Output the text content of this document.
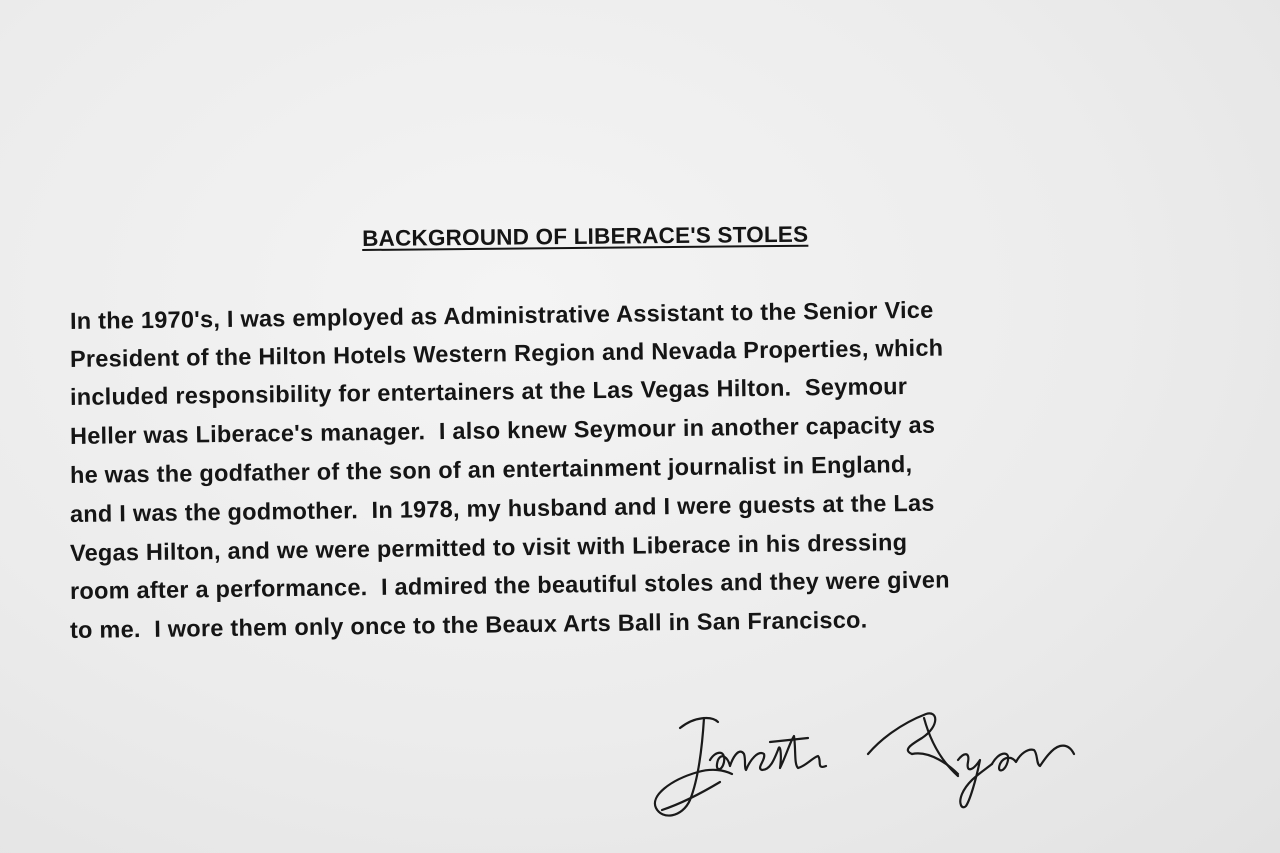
BACKGROUND OF LIBERACE'S STOLES
In the 1970's, I was employed as Administrative Assistant to the Senior Vice
President of the Hilton Hotels Western Region and Nevada Properties, which
included responsibility for entertainers at the Las Vegas Hilton.  Seymour
Heller was Liberace's manager.  I also knew Seymour in another capacity as
he was the godfather of the son of an entertainment journalist in England,
and I was the godmother.  In 1978, my husband and I were guests at the Las
Vegas Hilton, and we were permitted to visit with Liberace in his dressing
room after a performance.  I admired the beautiful stoles and they were given
to me.  I wore them only once to the Beaux Arts Ball in San Francisco.
